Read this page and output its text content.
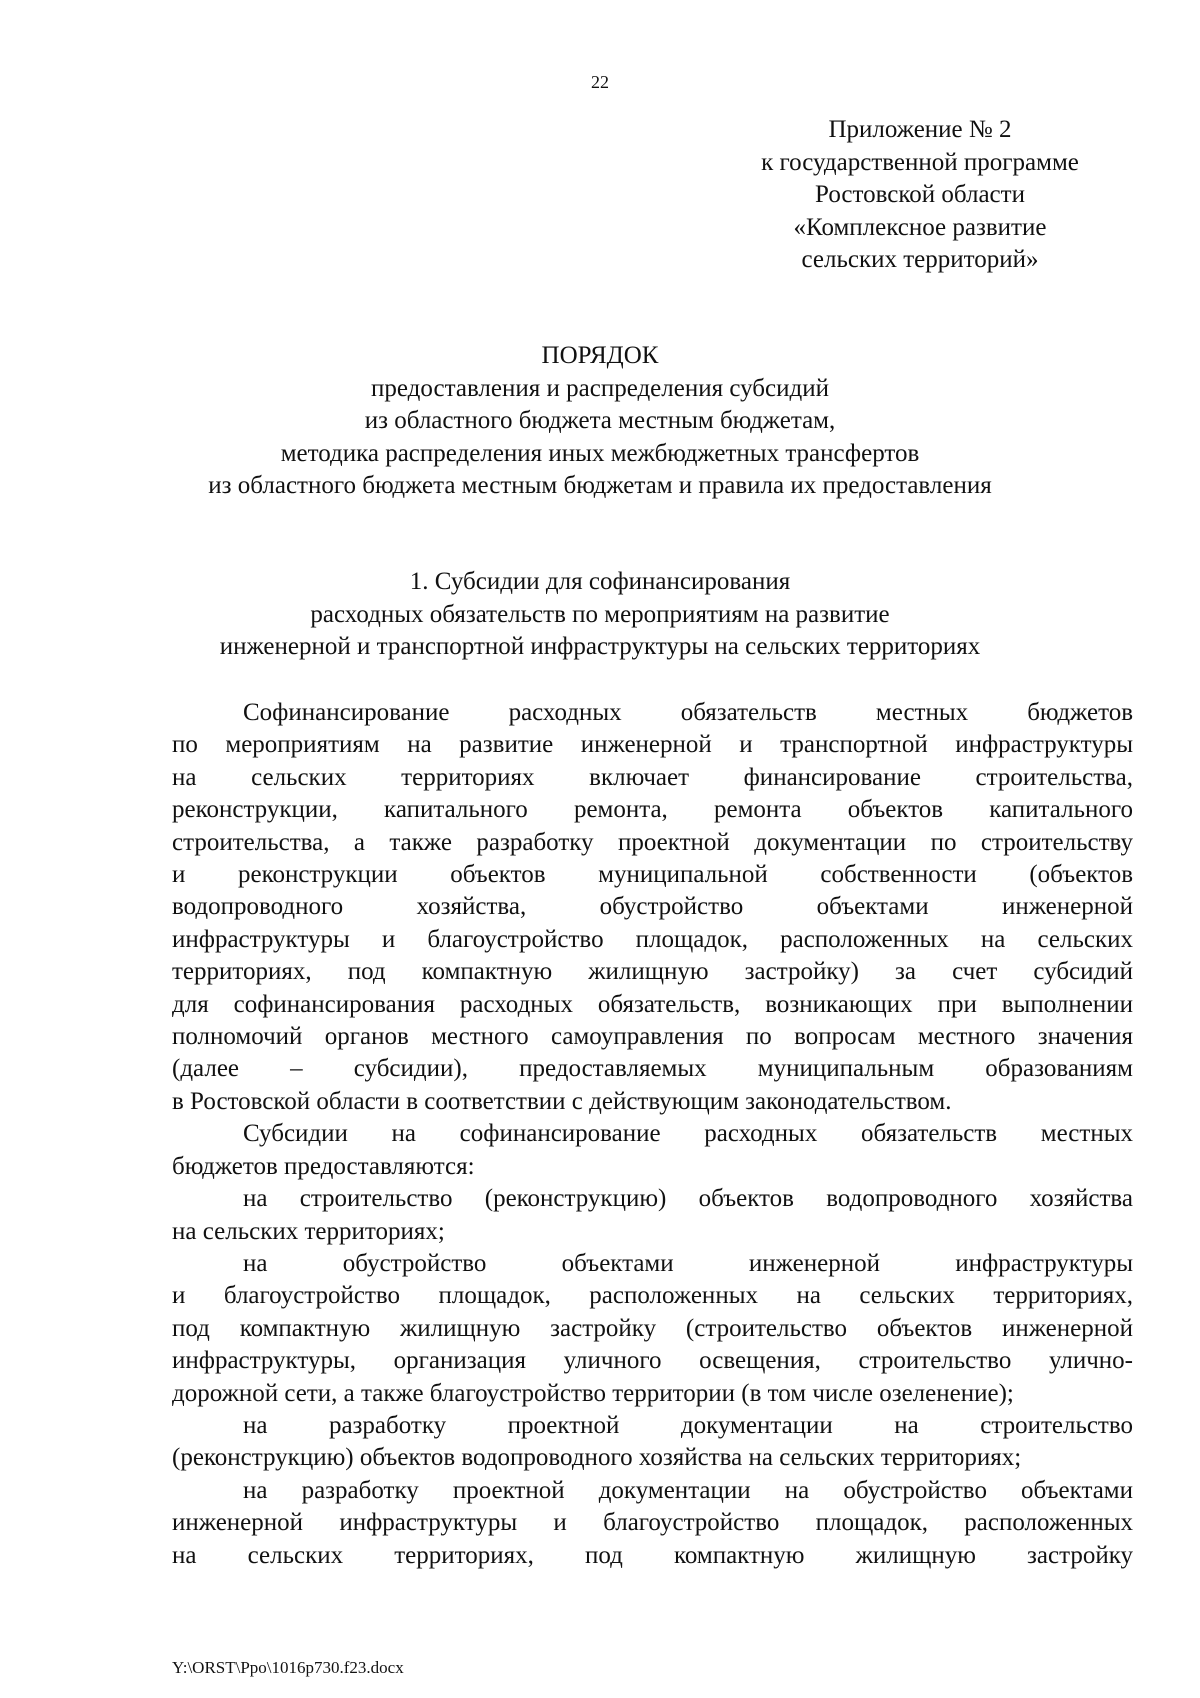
22
Приложение № 2
к государственной программе
Ростовской области
«Комплексное развитие
сельских территорий»
ПОРЯДОК
предоставления и распределения субсидий
из областного бюджета местным бюджетам,
методика распределения иных межбюджетных трансфертов
из областного бюджета местным бюджетам и правила их предоставления
1. Субсидии для софинансирования
расходных обязательств по мероприятиям на развитие
инженерной и транспортной инфраструктуры на сельских территориях
Софинансирование расходных обязательств местных бюджетов
по мероприятиям на развитие инженерной и транспортной инфраструктуры
на сельских территориях включает финансирование строительства,
реконструкции, капитального ремонта, ремонта объектов капитального
строительства, а также разработку проектной документации по строительству
и реконструкции объектов муниципальной собственности (объектов
водопроводного хозяйства, обустройство объектами инженерной
инфраструктуры и благоустройство площадок, расположенных на сельских
территориях, под компактную жилищную застройку) за счет субсидий
для софинансирования расходных обязательств, возникающих при выполнении
полномочий органов местного самоуправления по вопросам местного значения
(далее – субсидии), предоставляемых муниципальным образованиям
в Ростовской области в соответствии с действующим законодательством.
Субсидии на софинансирование расходных обязательств местных
бюджетов предоставляются:
на строительство (реконструкцию) объектов водопроводного хозяйства
на сельских территориях;
на обустройство объектами инженерной инфраструктуры
и благоустройство площадок, расположенных на сельских территориях,
под компактную жилищную застройку (строительство объектов инженерной
инфраструктуры, организация уличного освещения, строительство улично-
дорожной сети, а также благоустройство территории (в том числе озеленение);
на разработку проектной документации на строительство
(реконструкцию) объектов водопроводного хозяйства на сельских территориях;
на разработку проектной документации на обустройство объектами
инженерной инфраструктуры и благоустройство площадок, расположенных
на сельских территориях, под компактную жилищную застройку
Y:\ORST\Ppo\1016p730.f23.docx
